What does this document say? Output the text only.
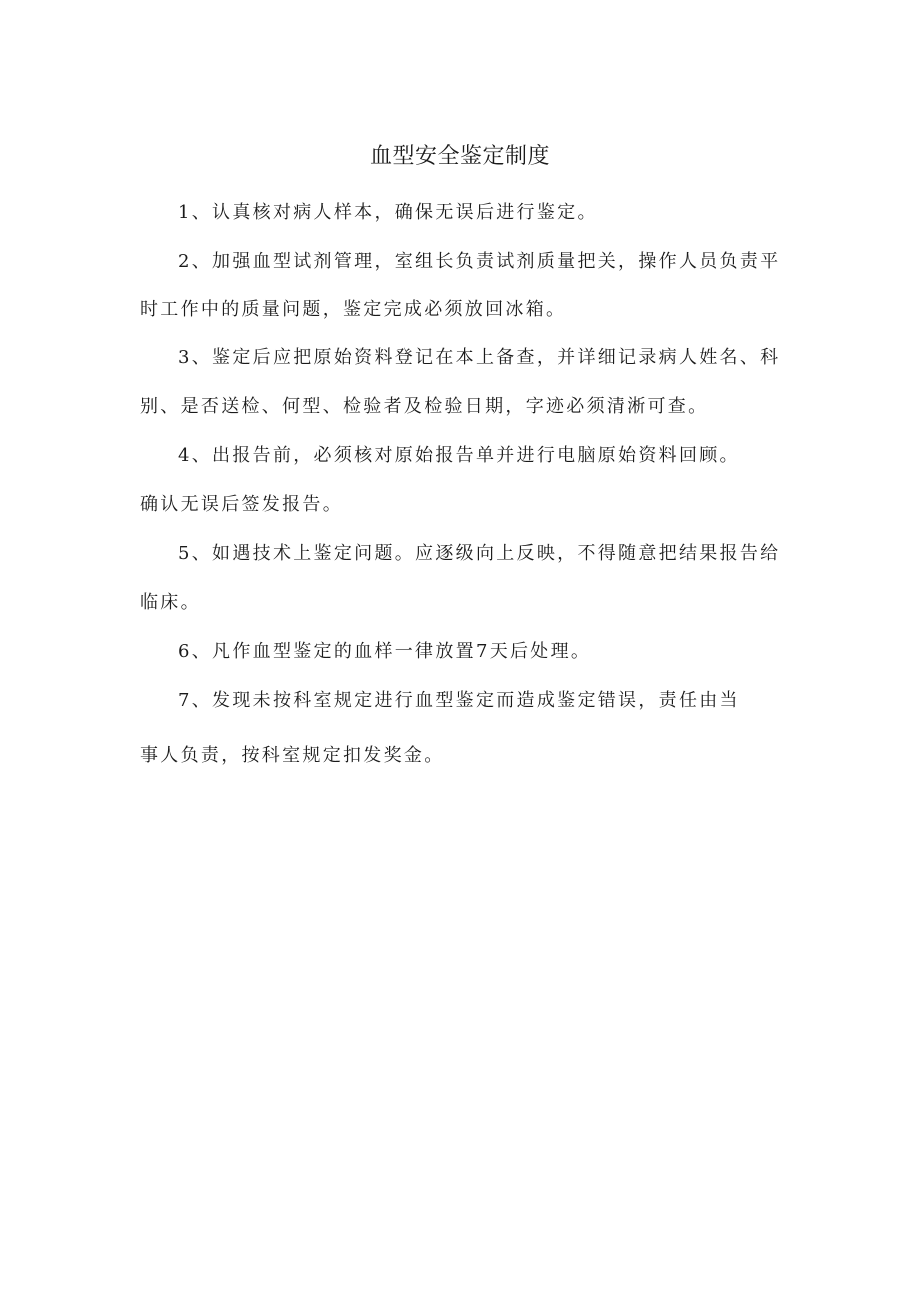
血型安全鉴定制度
1、认真核对病人样本，确保无误后进行鉴定。
2、加强血型试剂管理，室组长负责试剂质量把关，操作人员负责平
时工作中的质量问题，鉴定完成必须放回冰箱。
3、鉴定后应把原始资料登记在本上备查，并详细记录病人姓名、科
别、是否送检、何型、检验者及检验日期，字迹必须清淅可查。
4、出报告前，必须核对原始报告单并进行电脑原始资料回顾。
确认无误后签发报告。
5、如遇技术上鉴定问题。应逐级向上反映，不得随意把结果报告给
临床。
6、凡作血型鉴定的血样一律放置7天后处理。
7、发现未按科室规定进行血型鉴定而造成鉴定错误，责任由当
事人负责，按科室规定扣发奖金。
